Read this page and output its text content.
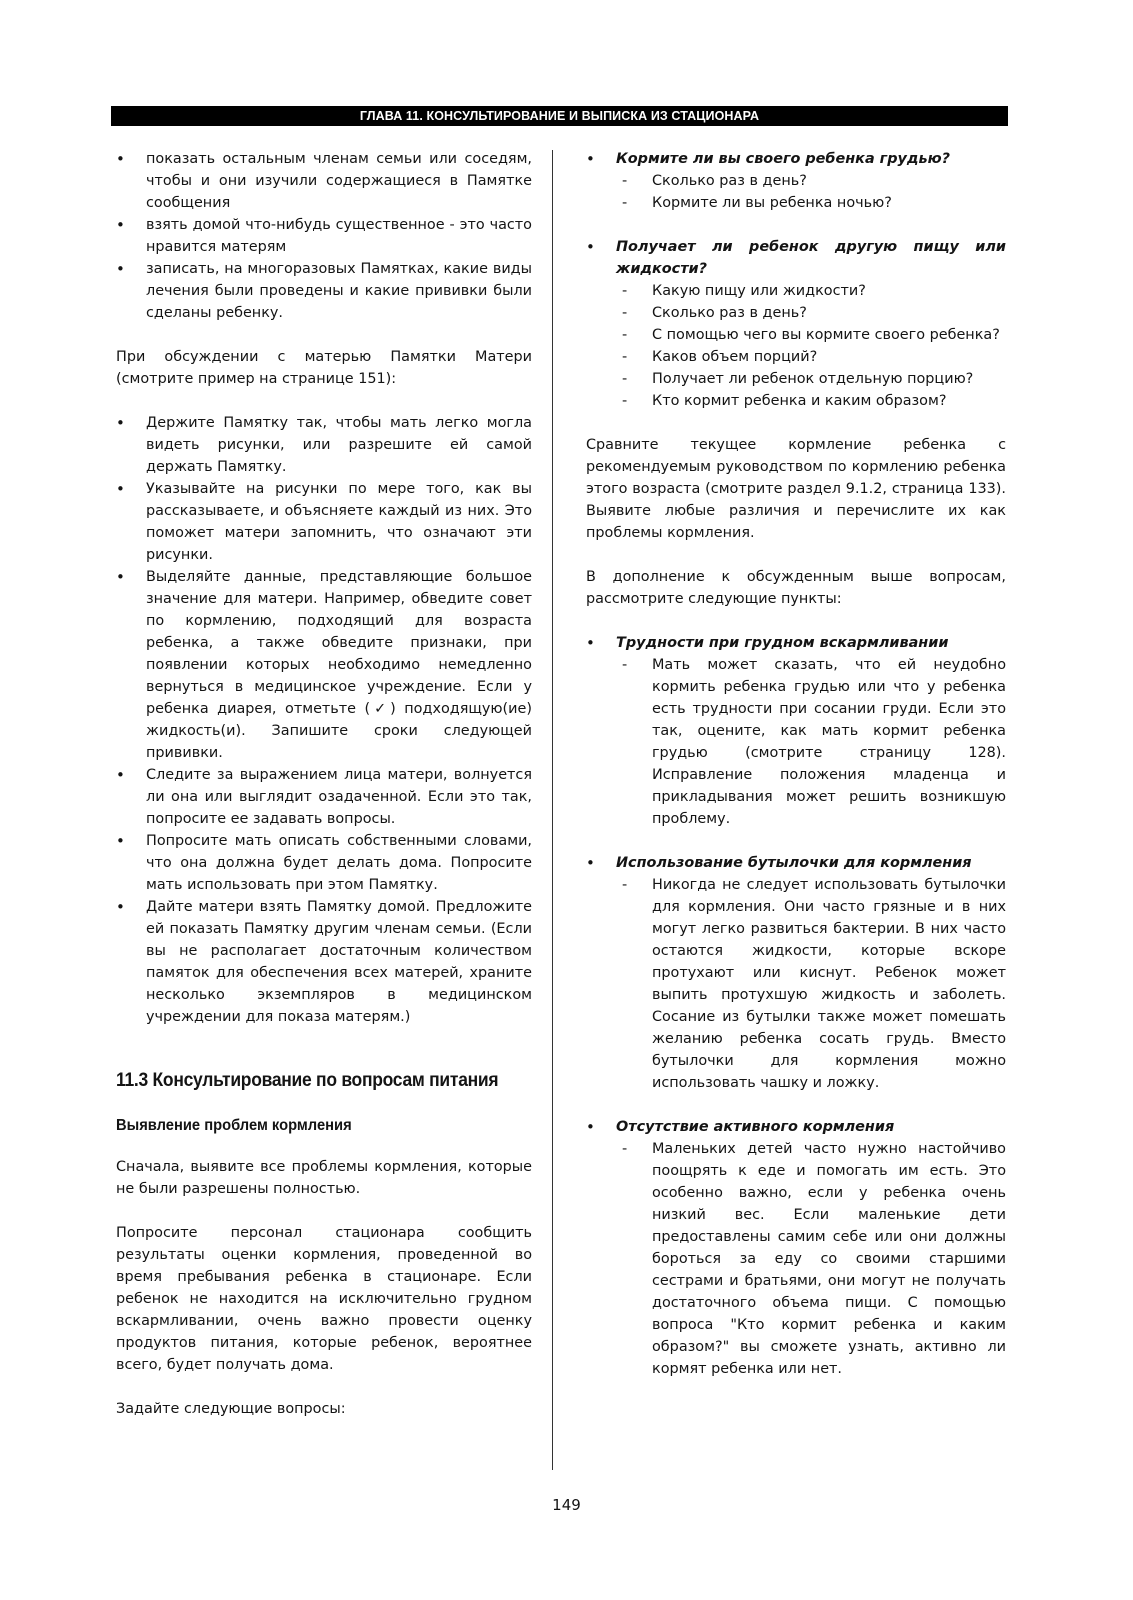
ГЛАВА 11. КОНСУЛЬТИРОВАНИЕ И ВЫПИСКА ИЗ СТАЦИОНАРА
• показать остальным членам семьи или соседям, чтобы и они изучили содержащиеся в Памятке сообщения
• взять домой что-нибудь существенное - это часто нравится матерям
• записать, на многоразовых Памятках, какие виды лечения были проведены и какие прививки были сделаны ребенку.

При обсуждении с матерью Памятки Матери (смотрите пример на странице 151):

• Держите Памятку так, чтобы мать легко могла видеть рисунки, или разрешите ей самой держать Памятку.
• Указывайте на рисунки по мере того, как вы рассказываете, и объясняете каждый из них. Это поможет матери запомнить, что означают эти рисунки.
• Выделяйте данные, представляющие большое значение для матери. Например, обведите совет по кормлению, подходящий для возраста ребенка, а также обведите признаки, при появлении которых необходимо немедленно вернуться в медицинское учреждение. Если у ребенка диарея, отметьте (✓) подходящую(ие) жидкость(и). Запишите сроки следующей прививки.
• Следите за выражением лица матери, волнуется ли она или выглядит озадаченной. Если это так, попросите ее задавать вопросы.
• Попросите мать описать собственными словами, что она должна будет делать дома. Попросите мать использовать при этом Памятку.
• Дайте матери взять Памятку домой. Предложите ей показать Памятку другим членам семьи. (Если вы не располагает достаточным количеством памяток для обеспечения всех матерей, храните несколько экземпляров в медицинском учреждении для показа матерям.)
11.3 Консультирование по вопросам питания
Выявление проблем кормления

Сначала, выявите все проблемы кормления, которые не были разрешены полностью.

Попросите персонал стационара сообщить результаты оценки кормления, проведенной во время пребывания ребенка в стационаре. Если ребенок не находится на исключительно грудном вскармливании, очень важно провести оценку продуктов питания, которые ребенок, вероятнее всего, будет получать дома.

Задайте следующие вопросы:

• Кормите ли вы своего ребенка грудью?
- Сколько раз в день?
- Кормите ли вы ребенка ночью?
• Получает ли ребенок другую пищу или жидкости?
- Какую пищу или жидкости?
- Сколько раз в день?
- С помощью чего вы кормите своего ребенка?
- Каков объем порций?
- Получает ли ребенок отдельную порцию?
- Кто кормит ребенка и каким образом?

Сравните текущее кормление ребенка с рекомендуемым руководством по кормлению ребенка этого возраста (смотрите раздел 9.1.2, страница 133). Выявите любые различия и перечислите их как проблемы кормления.

В дополнение к обсужденным выше вопросам, рассмотрите следующие пункты:

• Трудности при грудном вскармливании
- Мать может сказать, что ей неудобно кормить ребенка грудью или что у ребенка есть трудности при сосании груди. Если это так, оцените, как мать кормит ребенка грудью (смотрите страницу 128). Исправление положения младенца и прикладывания может решить возникшую проблему.
• Использование бутылочки для кормления
- Никогда не следует использовать бутылочки для кормления. Они часто грязные и в них могут легко развиться бактерии. В них часто остаются жидкости, которые вскоре протухают или киснут. Ребенок может выпить протухшую жидкость и заболеть. Сосание из бутылки также может помешать желанию ребенка сосать грудь. Вместо бутылочки для кормления можно использовать чашку и ложку.
• Отсутствие активного кормления
- Маленьких детей часто нужно настойчиво поощрять к еде и помогать им есть. Это особенно важно, если у ребенка очень низкий вес. Если маленькие дети предоставлены самим себе или они должны бороться за еду со своими старшими сестрами и братьями, они могут не получать достаточного объема пищи. С помощью вопроса "Кто кормит ребенка и каким образом?" вы сможете узнать, активно ли кормят ребенка или нет.
149
